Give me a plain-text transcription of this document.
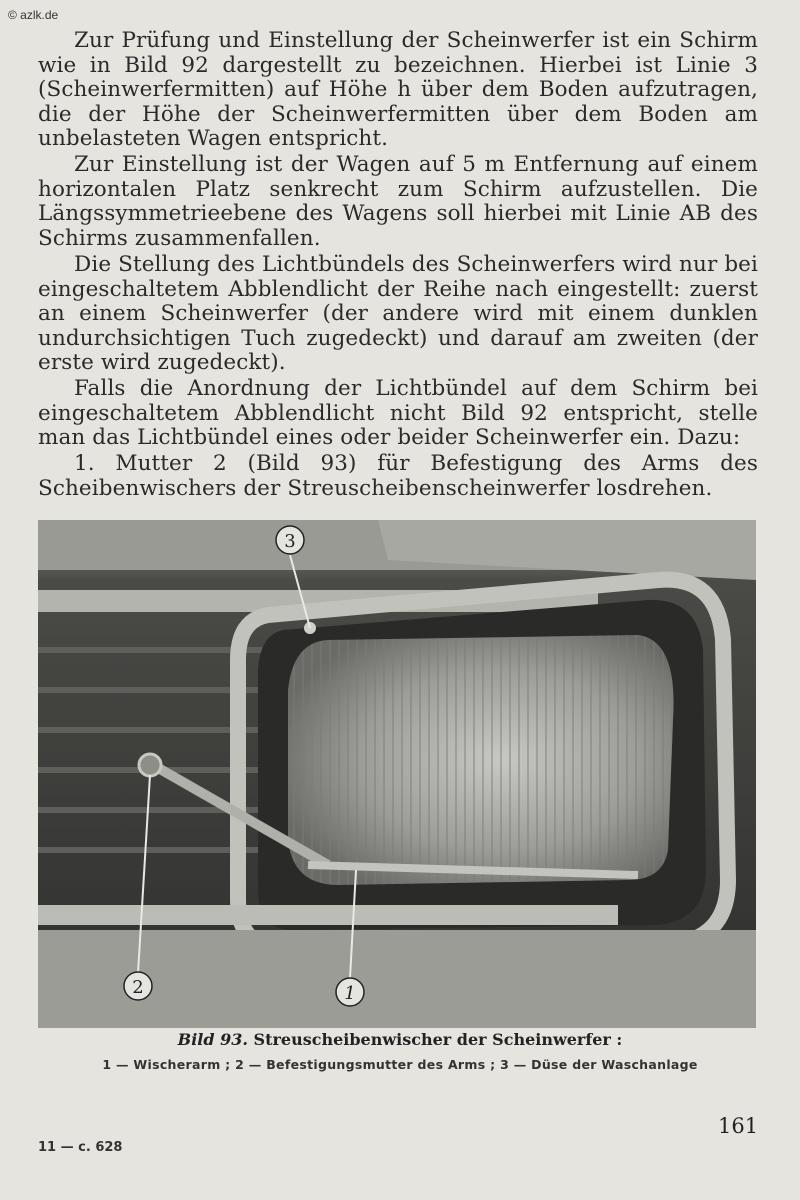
© azlk.de

Zur Prüfung und Einstellung der Scheinwerfer ist ein Schirm wie in Bild 92 dargestellt zu bezeichnen. Hierbei ist Linie 3 (Scheinwerfermitten) auf Höhe h über dem Boden aufzutragen, die der Höhe der Scheinwerfermitten über dem Boden am unbelasteten Wagen entspricht.

Zur Einstellung ist der Wagen auf 5 m Entfernung auf einem horizontalen Platz senkrecht zum Schirm aufzustellen. Die Längssymmetrieebene des Wagens soll hierbei mit Linie AB des Schirms zusammenfallen.

Die Stellung des Lichtbündels des Scheinwerfers wird nur bei eingeschaltetem Abblendlicht der Reihe nach eingestellt: zuerst an einem Scheinwerfer (der andere wird mit einem dunklen undurchsichtigen Tuch zugedeckt) und darauf am zweiten (der erste wird zugedeckt).

Falls die Anordnung der Lichtbündel auf dem Schirm bei eingeschaltetem Abblendlicht nicht Bild 92 entspricht, stelle man das Lichtbündel eines oder beider Scheinwerfer ein. Dazu:

1. Mutter 2 (Bild 93) für Befestigung des Arms des Scheibenwischers der Streuscheibenscheinwerfer losdrehen.

3
2	1
Bild 93. Streuscheibenwischer der Scheinwerfer :
1 — Wischerarm ; 2 — Befestigungsmutter des Arms ; 3 — Düse der Waschanlage
161
11 — c. 628
